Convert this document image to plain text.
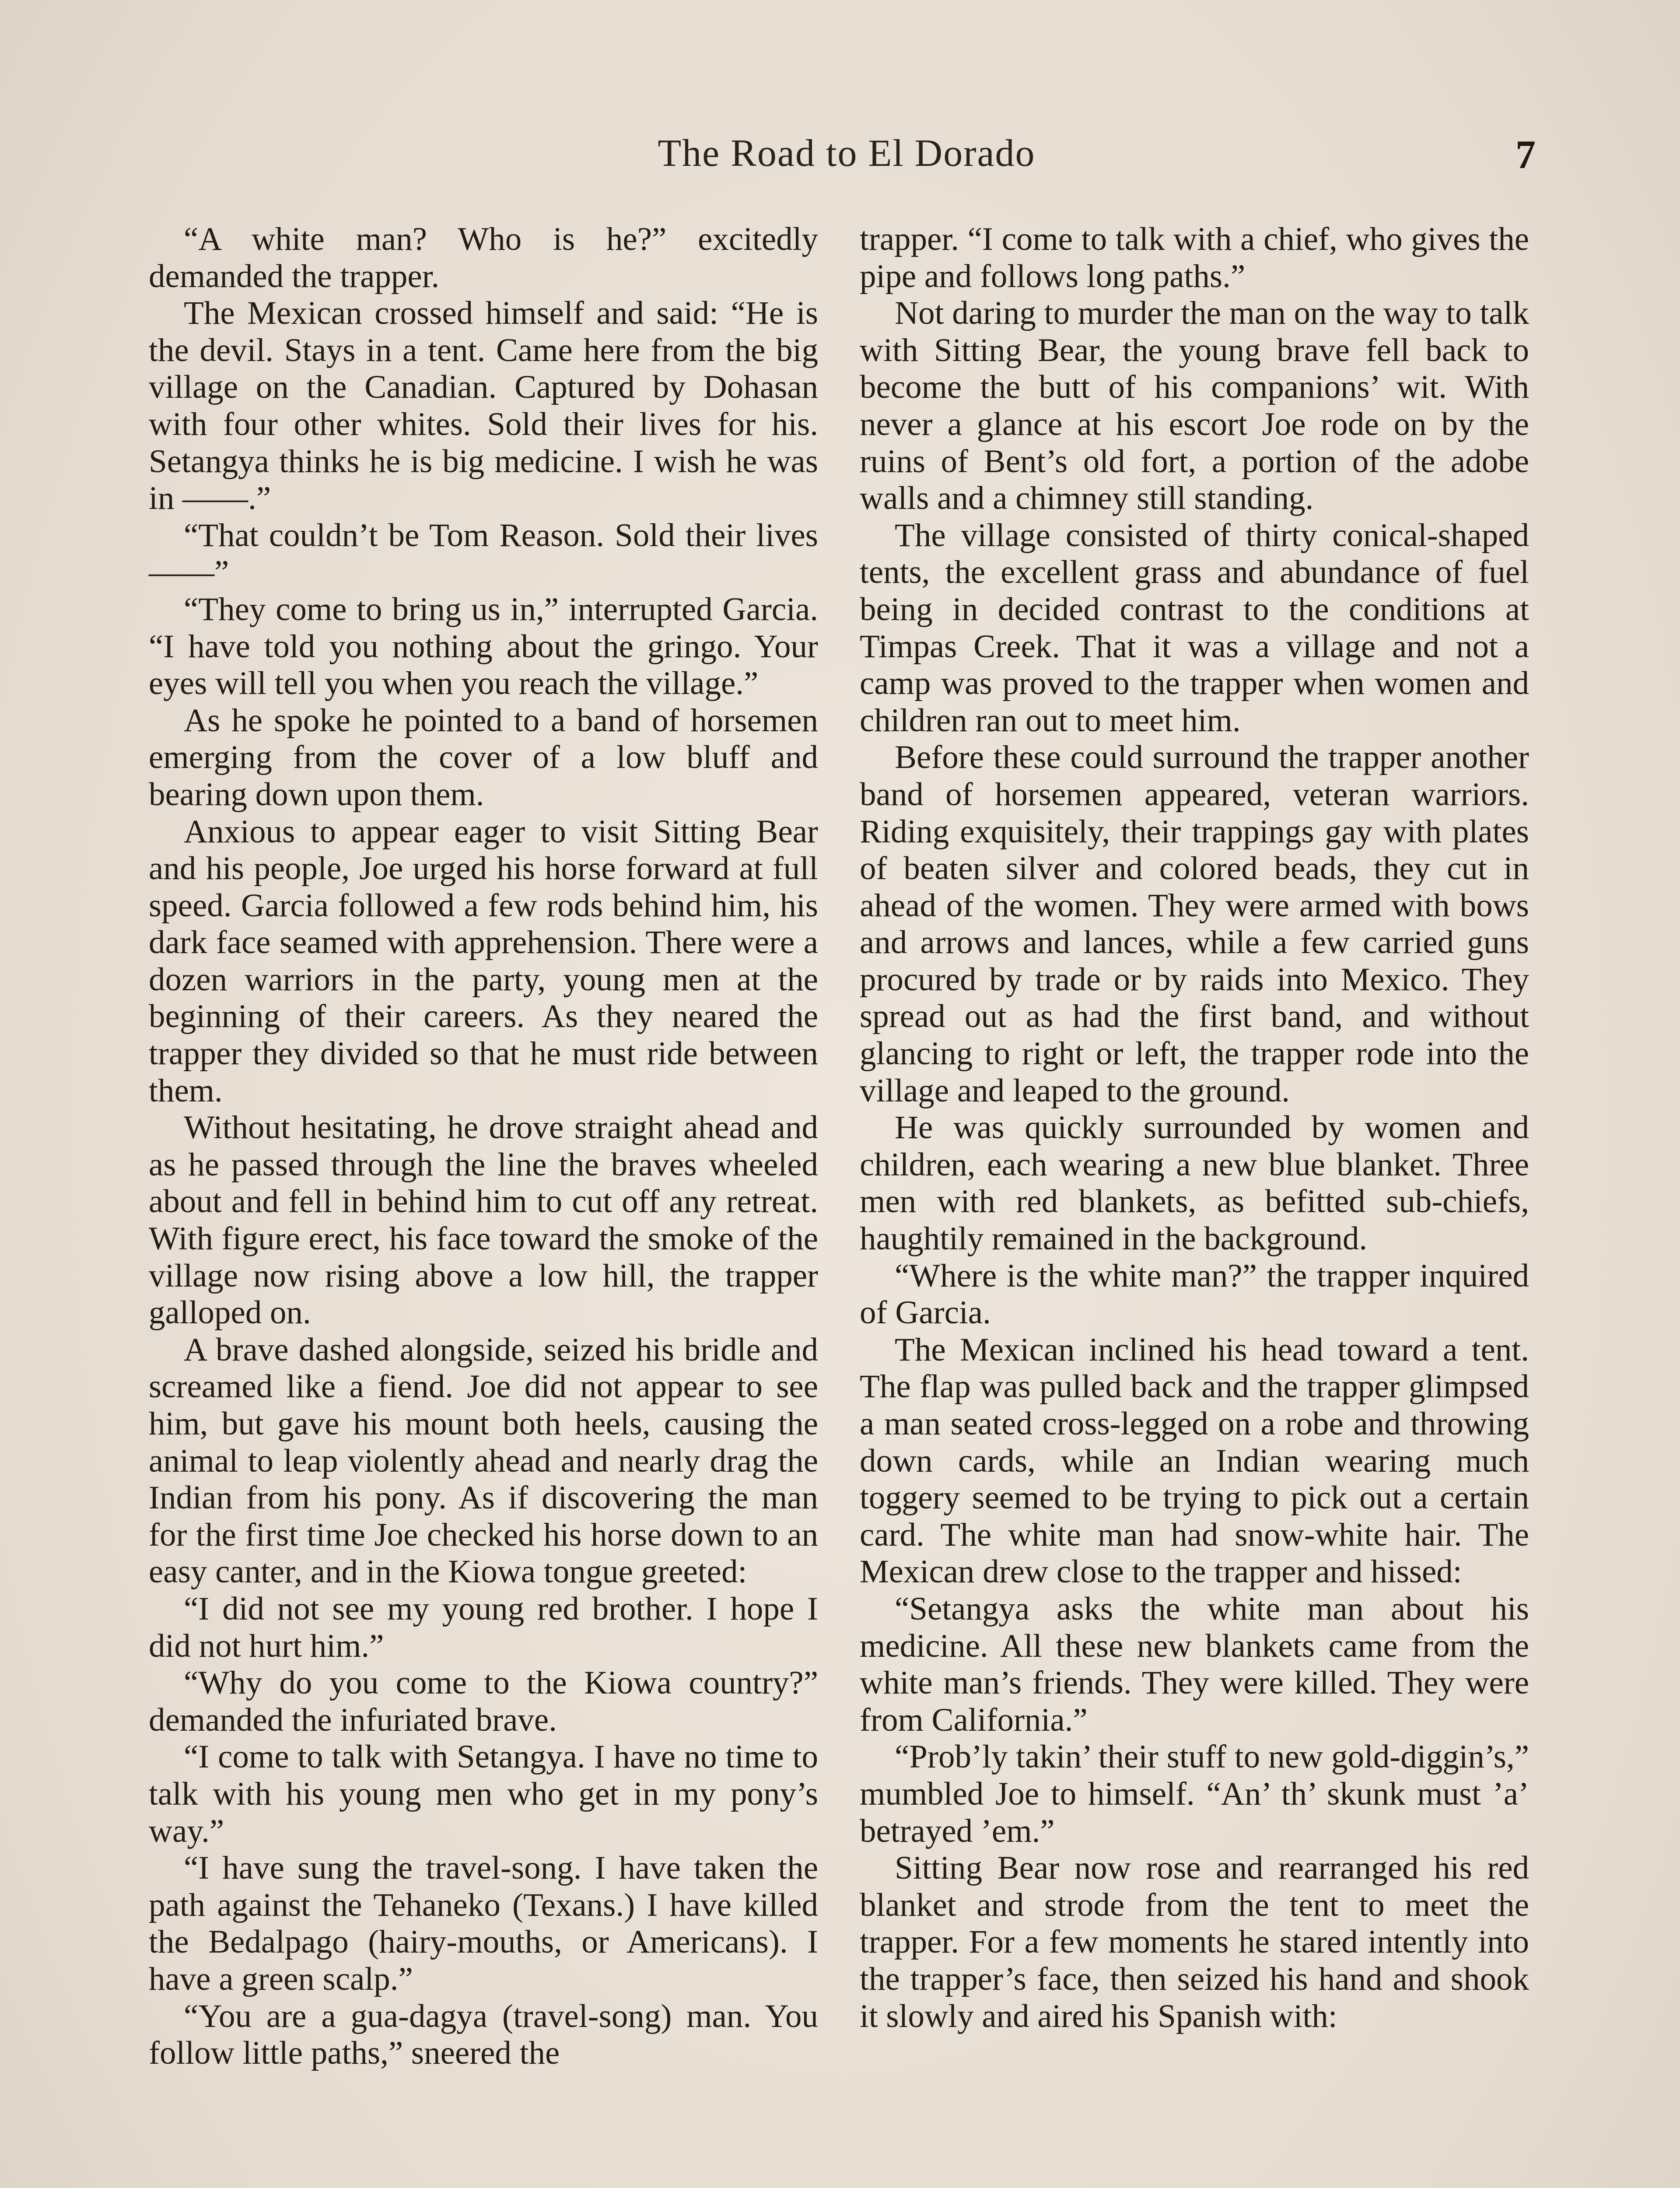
The Road to El Dorado	7

“A white man? Who is he?” excitedly demanded the trapper.

The Mexican crossed himself and said: “He is the devil. Stays in a tent. Came here from the big village on the Canadian. Captured by Dohasan with four other whites. Sold their lives for his. Setangya thinks he is big medicine. I wish he was in ——.”

“That couldn’t be Tom Reason. Sold their lives——”

“They come to bring us in,” interrupted Garcia. “I have told you nothing about the gringo. Your eyes will tell you when you reach the village.”

As he spoke he pointed to a band of horsemen emerging from the cover of a low bluff and bearing down upon them.

Anxious to appear eager to visit Sitting Bear and his people, Joe urged his horse forward at full speed. Garcia followed a few rods behind him, his dark face seamed with apprehension. There were a dozen warriors in the party, young men at the beginning of their careers. As they neared the trapper they divided so that he must ride between them.

Without hesitating, he drove straight ahead and as he passed through the line the braves wheeled about and fell in behind him to cut off any retreat. With figure erect, his face toward the smoke of the village now rising above a low hill, the trapper galloped on.

A brave dashed alongside, seized his bridle and screamed like a fiend. Joe did not appear to see him, but gave his mount both heels, causing the animal to leap violently ahead and nearly drag the Indian from his pony. As if discovering the man for the first time Joe checked his horse down to an easy canter, and in the Kiowa tongue greeted:

“I did not see my young red brother. I hope I did not hurt him.”

“Why do you come to the Kiowa country?” demanded the infuriated brave.

“I come to talk with Setangya. I have no time to talk with his young men who get in my pony’s way.”

“I have sung the travel-song. I have taken the path against the Tehaneko (Texans.) I have killed the Bedalpago (hairy-mouths, or Americans). I have a green scalp.”

“You are a gua-dagya (travel-song) man. You follow little paths,” sneered the

trapper. “I come to talk with a chief, who gives the pipe and follows long paths.”

Not daring to murder the man on the way to talk with Sitting Bear, the young brave fell back to become the butt of his companions’ wit. With never a glance at his escort Joe rode on by the ruins of Bent’s old fort, a portion of the adobe walls and a chimney still standing.

The village consisted of thirty conical-shaped tents, the excellent grass and abundance of fuel being in decided contrast to the conditions at Timpas Creek. That it was a village and not a camp was proved to the trapper when women and children ran out to meet him.

Before these could surround the trapper another band of horsemen appeared, veteran warriors. Riding exquisitely, their trappings gay with plates of beaten silver and colored beads, they cut in ahead of the women. They were armed with bows and arrows and lances, while a few carried guns procured by trade or by raids into Mexico. They spread out as had the first band, and without glancing to right or left, the trapper rode into the village and leaped to the ground.

He was quickly surrounded by women and children, each wearing a new blue blanket. Three men with red blankets, as befitted sub-chiefs, haughtily remained in the background.

“Where is the white man?” the trapper inquired of Garcia.

The Mexican inclined his head toward a tent. The flap was pulled back and the trapper glimpsed a man seated cross-legged on a robe and throwing down cards, while an Indian wearing much toggery seemed to be trying to pick out a certain card. The white man had snow-white hair. The Mexican drew close to the trapper and hissed:

“Setangya asks the white man about his medicine. All these new blankets came from the white man’s friends. They were killed. They were from California.”

“Prob’ly takin’ their stuff to new gold-diggin’s,” mumbled Joe to himself. “An’ th’ skunk must ’a’ betrayed ’em.”

Sitting Bear now rose and rearranged his red blanket and strode from the tent to meet the trapper. For a few moments he stared intently into the trapper’s face, then seized his hand and shook it slowly and aired his Spanish with:
